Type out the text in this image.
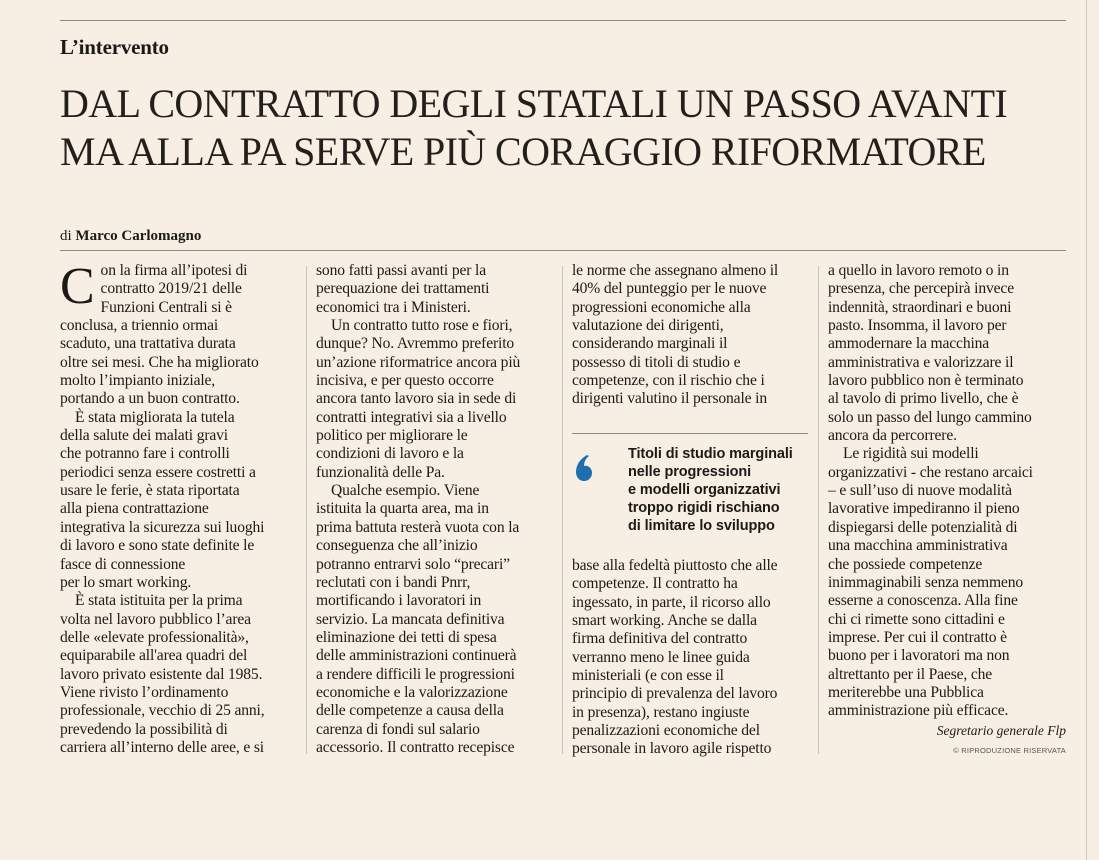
L’intervento
DAL CONTRATTO DEGLI STATALI UN PASSO AVANTI
MA ALLA PA SERVE PIÙ CORAGGIO RIFORMATORE
di Marco Carlomagno
C on la firma all’ipotesi di
contratto 2019/21 delle
Funzioni Centrali si è
conclusa, a triennio ormai
scaduto, una trattativa durata
oltre sei mesi. Che ha migliorato
molto l’impianto iniziale,
portando a un buon contratto.
È stata migliorata la tutela
della salute dei malati gravi
che potranno fare i controlli
periodici senza essere costretti a
usare le ferie, è stata riportata
alla piena contrattazione
integrativa la sicurezza sui luoghi
di lavoro e sono state definite le
fasce di connessione
per lo smart working.
È stata istituita per la prima
volta nel lavoro pubblico l’area
delle «elevate professionalità»,
equiparabile all'area quadri del
lavoro privato esistente dal 1985.
Viene rivisto l’ordinamento
professionale, vecchio di 25 anni,
prevedendo la possibilità di
carriera all’interno delle aree, e si
sono fatti passi avanti per la
perequazione dei trattamenti
economici tra i Ministeri.
Un contratto tutto rose e fiori,
dunque? No. Avremmo preferito
un’azione riformatrice ancora più
incisiva, e per questo occorre
ancora tanto lavoro sia in sede di
contratti integrativi sia a livello
politico per migliorare le
condizioni di lavoro e la
funzionalità delle Pa.
Qualche esempio. Viene
istituita la quarta area, ma in
prima battuta resterà vuota con la
conseguenza che all’inizio
potranno entrarvi solo “precari”
reclutati con i bandi Pnrr,
mortificando i lavoratori in
servizio. La mancata definitiva
eliminazione dei tetti di spesa
delle amministrazioni continuerà
a rendere difficili le progressioni
economiche e la valorizzazione
delle competenze a causa della
carenza di fondi sul salario
accessorio. Il contratto recepisce
le norme che assegnano almeno il
40% del punteggio per le nuove
progressioni economiche alla
valutazione dei dirigenti,
considerando marginali il
possesso di titoli di studio e
competenze, con il rischio che i
dirigenti valutino il personale in
Titoli di studio marginali
nelle progressioni
e modelli organizzativi
troppo rigidi rischiano
di limitare lo sviluppo
base alla fedeltà piuttosto che alle
competenze. Il contratto ha
ingessato, in parte, il ricorso allo
smart working. Anche se dalla
firma definitiva del contratto
verranno meno le linee guida
ministeriali (e con esse il
principio di prevalenza del lavoro
in presenza), restano ingiuste
penalizzazioni economiche del
personale in lavoro agile rispetto
a quello in lavoro remoto o in
presenza, che percepirà invece
indennità, straordinari e buoni
pasto. Insomma, il lavoro per
ammodernare la macchina
amministrativa e valorizzare il
lavoro pubblico non è terminato
al tavolo di primo livello, che è
solo un passo del lungo cammino
ancora da percorrere.
Le rigidità sui modelli
organizzativi - che restano arcaici
– e sull’uso di nuove modalità
lavorative impediranno il pieno
dispiegarsi delle potenzialità di
una macchina amministrativa
che possiede competenze
inimmaginabili senza nemmeno
esserne a conoscenza. Alla fine
chi ci rimette sono cittadini e
imprese. Per cui il contratto è
buono per i lavoratori ma non
altrettanto per il Paese, che
meriterebbe una Pubblica
amministrazione più efficace.
Segretario generale Flp
© RIPRODUZIONE RISERVATA
